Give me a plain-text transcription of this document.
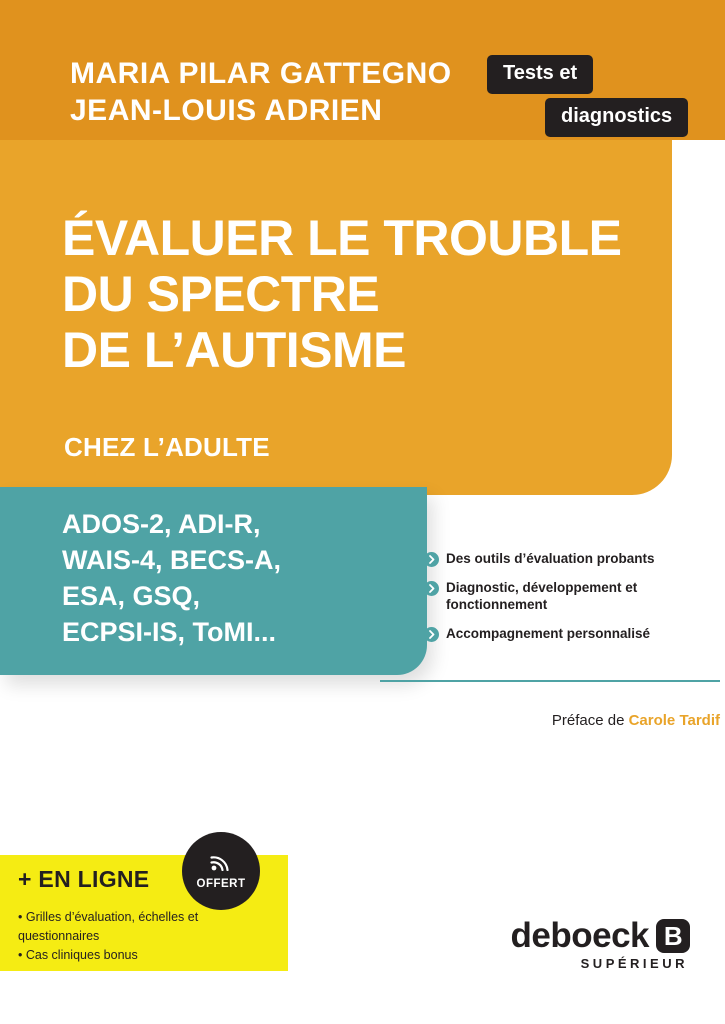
MARIA PILAR GATTEGNO
JEAN-LOUIS ADRIEN
Tests et
diagnostics
ÉVALUER LE TROUBLE
DU SPECTRE
DE L’AUTISME
CHEZ L’ADULTE
ADOS-2, ADI-R,
WAIS-4, BECS-A,
ESA, GSQ,
ECPSI-IS, ToMI...
Des outils d’évaluation probants
Diagnostic, développement et fonctionnement
Accompagnement personnalisé
Préface de Carole Tardif
+ EN LIGNE
• Grilles d’évaluation, échelles et questionnaires
• Cas cliniques bonus
OFFERT
de boeck B
SUPÉRIEUR
